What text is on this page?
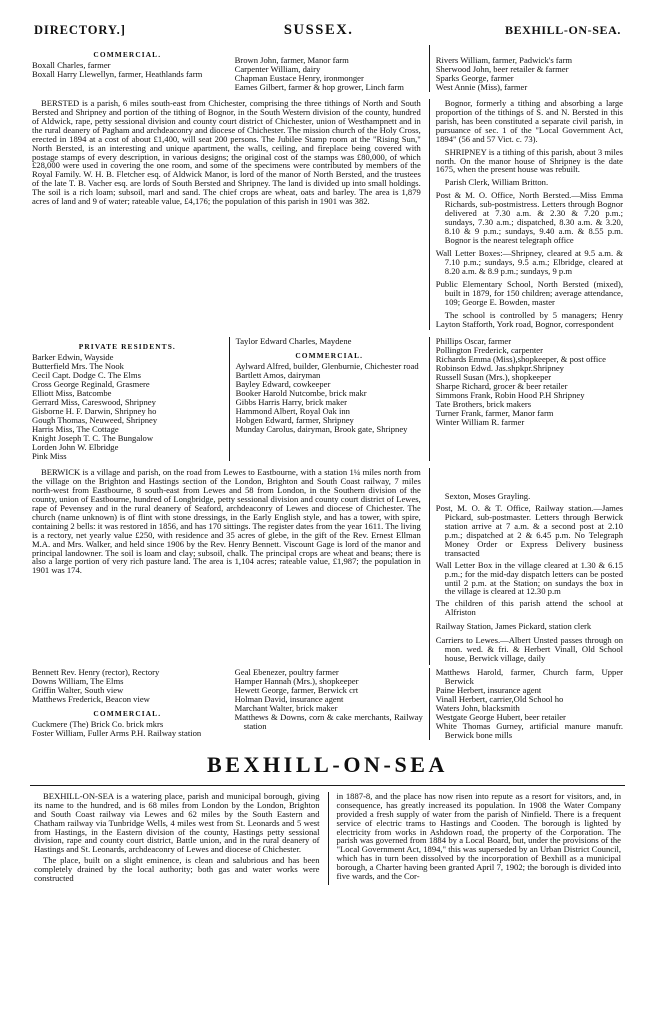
DIRECTORY.]	SUSSEX.	BEXHILL-ON-SEA.
COMMERCIAL.
Boxall Charles, farmer
Boxall Harry Llewellyn, farmer, Heathlands farm
Brown John, farmer, Manor farm
Carpenter William, dairy
Chapman Eustace Henry, ironmonger
Eames Gilbert, farmer & hop grower, Linch farm
Rivers William, farmer, Padwick's farm
Sherwood John, beer retailer & farmer
Sparks George, farmer
West Annie (Miss), farmer

BERSTED is a parish, 6 miles south-east from Chichester, comprising the three tithings of North and South Bersted and Shripney and portion of the tithing of Bognor, in the South Western division of the county, hundred of Aldwick, rape, petty sessional division and county court district of Chichester, union of Westhampnett and in the rural deanery of Pagham and archdeaconry and diocese of Chichester. The mission church of the Holy Cross, erected in 1894 at a cost of about £1,400, will seat 200 persons. The Jubilee Stamp room at the "Rising Sun," North Bersted, is an interesting and unique apartment, the walls, ceiling, and fireplace being covered with postage stamps of every description, in various designs; the original cost of the stamps was £80,000, of which £28,000 were used in covering the one room, and some of the specimens were contributed by members of the Royal Family. W. H. B. Fletcher esq. of Aldwick Manor, is lord of the manor of North Bersted, and the trustees of the late T. B. Vacher esq. are lords of South Bersted and Shripney. The land is divided up into small holdings. The soil is a rich loam; subsoil, marl and sand. The chief crops are wheat, oats and barley. The area is 1,879 acres of land and 9 of water; rateable value, £4,176; the population of this parish in 1901 was 382.

Bognor, formerly a tithing and absorbing a large proportion of the tithings of S. and N. Bersted in this parish, has been constituted a separate civil parish, in pursuance of sec. 1 of the "Local Government Act, 1894" (56 and 57 Vict. c. 73).

SHRIPNEY is a tithing of this parish, about 3 miles north. On the manor house of Shripney is the date 1675, when the present house was rebuilt.

Parish Clerk, William Britton.

Post & M. O. Office, North Bersted.—Miss Emma Richards, sub-postmistress. Letters through Bognor delivered at 7.30 a.m. & 2.30 & 7.20 p.m.; sundays, 7.30 a.m.; dispatched, 8.30 a.m. & 3.20, 8.10 & 9 p.m.; sundays, 9.40 a.m. & 8.55 p.m. Bognor is the nearest telegraph office

Wall Letter Boxes:—Shripney, cleared at 9.5 a.m. & 7.10 p.m.; sundays, 9.5 a.m.; Elbridge, cleared at 8.20 a.m. & 8.9 p.m.; sundays, 9 p.m

Public Elementary School, North Bersted (mixed), built in 1879, for 150 children; average attendance, 109; George E. Bowden, master

The school is controlled by 5 managers; Henry Layton Stafforth, York road, Bognor, correspondent

PRIVATE RESIDENTS.
Barker Edwin, Wayside
Butterfield Mrs. The Nook
Cecil Capt. Dodge C. The Elms
Cross George Reginald, Grasmere
Elliott Miss, Batcombe
Gerrard Miss, Careswood, Shripney
Gisborne H. F. Darwin, Shripney ho
Gough Thomas, Neuweed, Shripney
Harris Miss, The Cottage
Knight Joseph T. C. The Bungalow
Lorden John W. Elbridge
Pink Miss
Taylor Edward Charles, Maydene
COMMERCIAL.
Aylward Alfred, builder, Glenburnie, Chichester road
Bartlett Amos, dairyman
Bayley Edward, cowkeeper
Booker Harold Nutcombe, brick makr
Gibbs Harris Harry, brick maker
Hammond Albert, Royal Oak inn
Hobgen Edward, farmer, Shripney
Munday Carolus, dairyman, Brook gate, Shripney
Phillips Oscar, farmer
Pollington Frederick, carpenter
Richards Emma (Miss),shopkeeper, & post office
Robinson Edwd. Jas.shpkpr.Shripney
Russell Susan (Mrs.), shopkeeper
Sharpe Richard, grocer & beer retailer
Simmons Frank, Robin Hood P.H Shripney
Tate Brothers, brick makers
Turner Frank, farmer, Manor farm
Winter William R. farmer

BERWICK is a village and parish, on the road from Lewes to Eastbourne, with a station 1¼ miles north from the village on the Brighton and Hastings section of the London, Brighton and South Coast railway, 7 miles north-west from Eastbourne, 8 south-east from Lewes and 58 from London, in the Southern division of the county, union of Eastbourne, hundred of Longbridge, petty sessional division and county court district of Lewes, rape of Pevensey and in the rural deanery of Seaford, archdeaconry of Lewes and diocese of Chichester. The church (name unknown) is of flint with stone dressings, in the Early English style, and has a tower, with spire, containing 2 bells: it was restored in 1856, and has 170 sittings. The register dates from the year 1611. The living is a rectory, net yearly value £250, with residence and 35 acres of glebe, in the gift of the Rev. Ernest Ellman M.A. and Mrs. Walker, and held since 1906 by the Rev. Henry Bennett. Viscount Gage is lord of the manor and principal landowner. The soil is loam and clay; subsoil, chalk. The principal crops are wheat and beans; there is also a large portion of very rich pasture land. The area is 1,104 acres; rateable value, £1,987; the population in 1901 was 174.

Sexton, Moses Grayling.

Post, M. O. & T. Office, Railway station.—James Pickard, sub-postmaster. Letters through Berwick station arrive at 7 a.m. & a second post at 2.10 p.m.; dispatched at 2 & 6.45 p.m. No Telegraph Money Order or Express Delivery business transacted

Wall Letter Box in the village cleared at 1.30 & 6.15 p.m.; for the mid-day dispatch letters can be posted until 2 p.m. at the Station; on sundays the box in the village is cleared at 12.30 p.m

The children of this parish attend the school at Alfriston

Railway Station, James Pickard, station clerk

Carriers to Lewes.—Albert Unsted passes through on mon. wed. & fri. & Herbert Vinall, Old School house, Berwick village, daily

Bennett Rev. Henry (rector), Rectory
Downs William, The Elms
Griffin Walter, South view
Matthews Frederick, Beacon view
COMMERCIAL.
Cuckmere (The) Brick Co. brick mkrs
Foster William, Fuller Arms P.H. Railway station
Geal Ebenezer, poultry farmer
Hamper Hannah (Mrs.), shopkeeper
Hewett George, farmer, Berwick crt
Holman David, insurance agent
Marchant Walter, brick maker
Matthews & Downs, corn & cake merchants, Railway station
Matthews Harold, farmer, Church farm, Upper Berwick
Paine Herbert, insurance agent
Vinall Herbert, carrier,Old School ho
Waters John, blacksmith
Westgate George Hubert, beer retailer
White Thomas Gurney, artificial manure manufr. Berwick bone mills
BEXHILL-ON-SEA

BEXHILL-ON-SEA is a watering place, parish and municipal borough, giving its name to the hundred, and is 68 miles from London by the London, Brighton and South Coast railway via Lewes and 62 miles by the South Eastern and Chatham railway via Tunbridge Wells, 4 miles west from St. Leonards and 5 west from Hastings, in the Eastern division of the county, Hastings petty sessional division, rape and county court district, Battle union, and in the rural deanery of Hastings and St. Leonards, archdeaconry of Lewes and diocese of Chichester.

The place, built on a slight eminence, is clean and salubrious and has been completely drained by the local authority; both gas and water works were constructed

in 1887-8, and the place has now risen into repute as a resort for visitors, and, in consequence, has greatly increased its population. In 1908 the Water Company provided a fresh supply of water from the parish of Ninfield. There is a frequent service of electric trams to Hastings and Cooden. The borough is lighted by electricity from works in Ashdown road, the property of the Corporation. The parish was governed from 1884 by a Local Board, but, under the provisions of the "Local Government Act, 1894," this was superseded by an Urban District Council, which has in turn been dissolved by the incorporation of Bexhill as a municipal borough, a Charter having been granted April 7, 1902; the borough is divided into five wards, and the Cor-
